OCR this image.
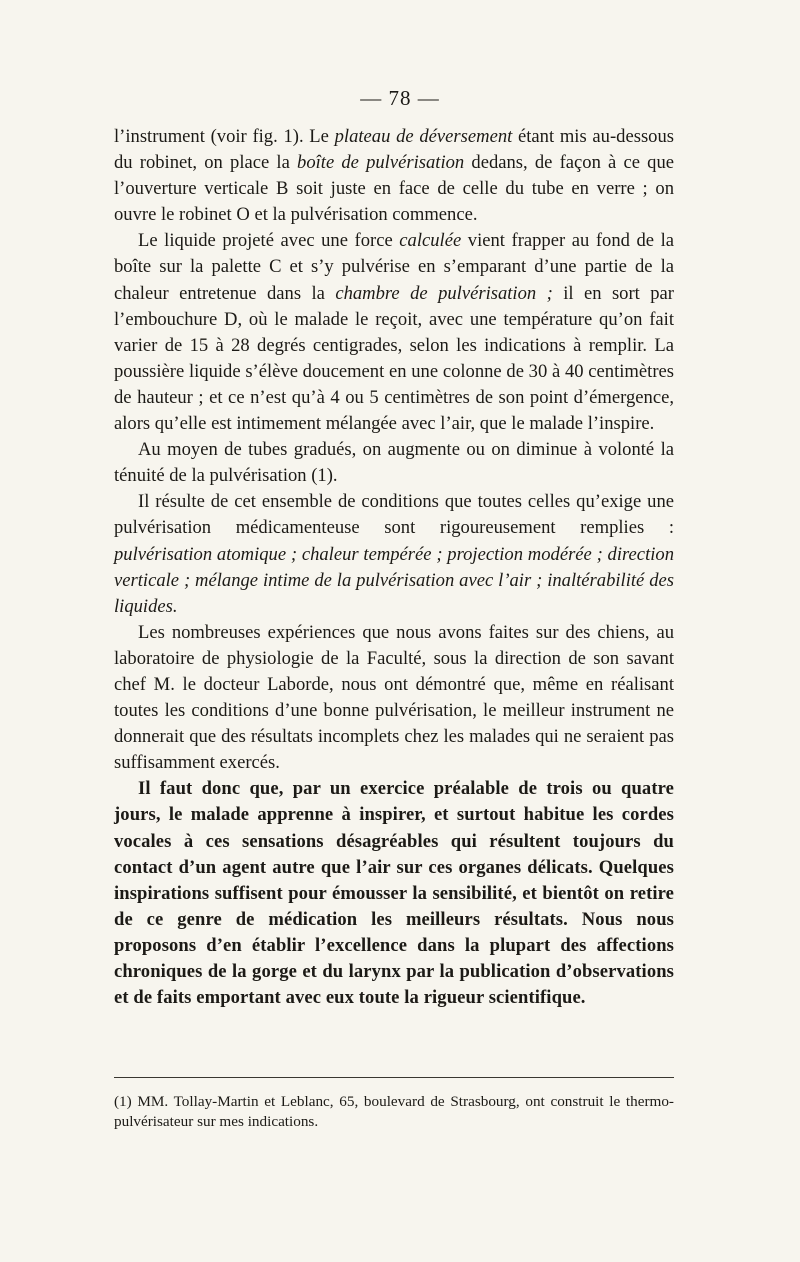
— 78 —

l’instrument (voir fig. 1). Le plateau de déversement étant mis au-dessous du robinet, on place la boîte de pulvérisation dedans, de façon à ce que l’ouverture verticale B soit juste en face de celle du tube en verre ; on ouvre le robinet O et la pulvérisation commence.

Le liquide projeté avec une force calculée vient frapper au fond de la boîte sur la palette C et s’y pulvérise en s’emparant d’une partie de la chaleur entretenue dans la chambre de pulvérisation ; il en sort par l’embouchure D, où le malade le reçoit, avec une température qu’on fait varier de 15 à 28 degrés centigrades, selon les indications à remplir. La poussière liquide s’élève doucement en une colonne de 30 à 40 centimètres de hauteur ; et ce n’est qu’à 4 ou 5 centimètres de son point d’émergence, alors qu’elle est intimement mélangée avec l’air, que le malade l’inspire.

Au moyen de tubes gradués, on augmente ou on diminue à volonté la ténuité de la pulvérisation (1).

Il résulte de cet ensemble de conditions que toutes celles qu’exige une pulvérisation médicamenteuse sont rigoureusement remplies : pulvérisation atomique ; chaleur tempérée ; projection modérée ; direction verticale ; mélange intime de la pulvérisation avec l’air ; inaltérabilité des liquides.

Les nombreuses expériences que nous avons faites sur des chiens, au laboratoire de physiologie de la Faculté, sous la direction de son savant chef M. le docteur Laborde, nous ont démontré que, même en réalisant toutes les conditions d’une bonne pulvérisation, le meilleur instrument ne donnerait que des résultats incomplets chez les malades qui ne seraient pas suffisamment exercés.

Il faut donc que, par un exercice préalable de trois ou quatre jours, le malade apprenne à inspirer, et surtout habitue les cordes vocales à ces sensations désagréables qui résultent toujours du contact d’un agent autre que l’air sur ces organes délicats. Quelques inspirations suffisent pour émousser la sensibilité, et bientôt on retire de ce genre de médication les meilleurs résultats. Nous nous proposons d’en établir l’excellence dans la plupart des affections chroniques de la gorge et du larynx par la publication d’observations et de faits emportant avec eux toute la rigueur scientifique.

(1) MM. Tollay-Martin et Leblanc, 65, boulevard de Strasbourg, ont construit le thermo-pulvérisateur sur mes indications.
